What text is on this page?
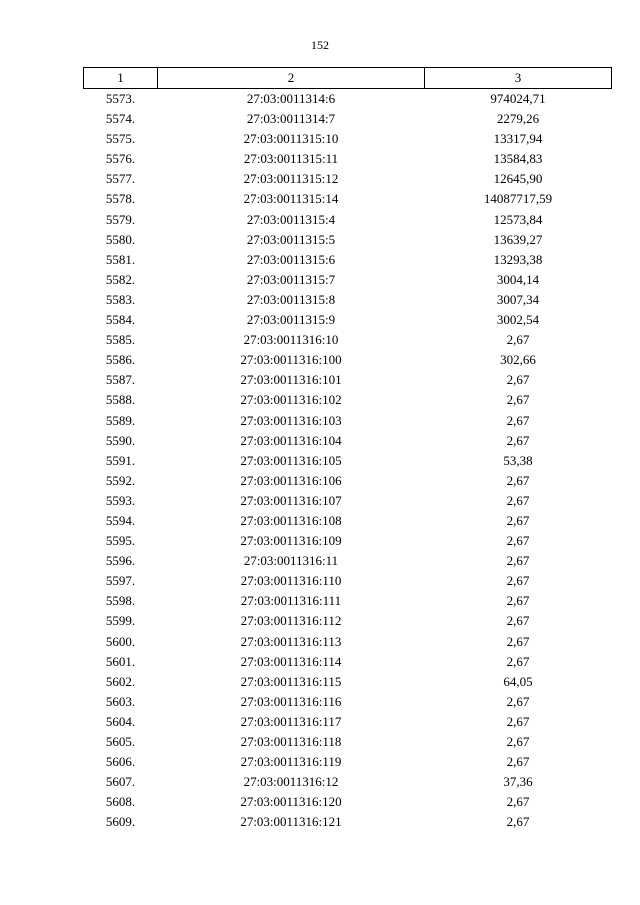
152
1	2	3
5573.	27:03:0011314:6	974024,71
5574.	27:03:0011314:7	2279,26
5575.	27:03:0011315:10	13317,94
5576.	27:03:0011315:11	13584,83
5577.	27:03:0011315:12	12645,90
5578.	27:03:0011315:14	14087717,59
5579.	27:03:0011315:4	12573,84
5580.	27:03:0011315:5	13639,27
5581.	27:03:0011315:6	13293,38
5582.	27:03:0011315:7	3004,14
5583.	27:03:0011315:8	3007,34
5584.	27:03:0011315:9	3002,54
5585.	27:03:0011316:10	2,67
5586.	27:03:0011316:100	302,66
5587.	27:03:0011316:101	2,67
5588.	27:03:0011316:102	2,67
5589.	27:03:0011316:103	2,67
5590.	27:03:0011316:104	2,67
5591.	27:03:0011316:105	53,38
5592.	27:03:0011316:106	2,67
5593.	27:03:0011316:107	2,67
5594.	27:03:0011316:108	2,67
5595.	27:03:0011316:109	2,67
5596.	27:03:0011316:11	2,67
5597.	27:03:0011316:110	2,67
5598.	27:03:0011316:111	2,67
5599.	27:03:0011316:112	2,67
5600.	27:03:0011316:113	2,67
5601.	27:03:0011316:114	2,67
5602.	27:03:0011316:115	64,05
5603.	27:03:0011316:116	2,67
5604.	27:03:0011316:117	2,67
5605.	27:03:0011316:118	2,67
5606.	27:03:0011316:119	2,67
5607.	27:03:0011316:12	37,36
5608.	27:03:0011316:120	2,67
5609.	27:03:0011316:121	2,67
